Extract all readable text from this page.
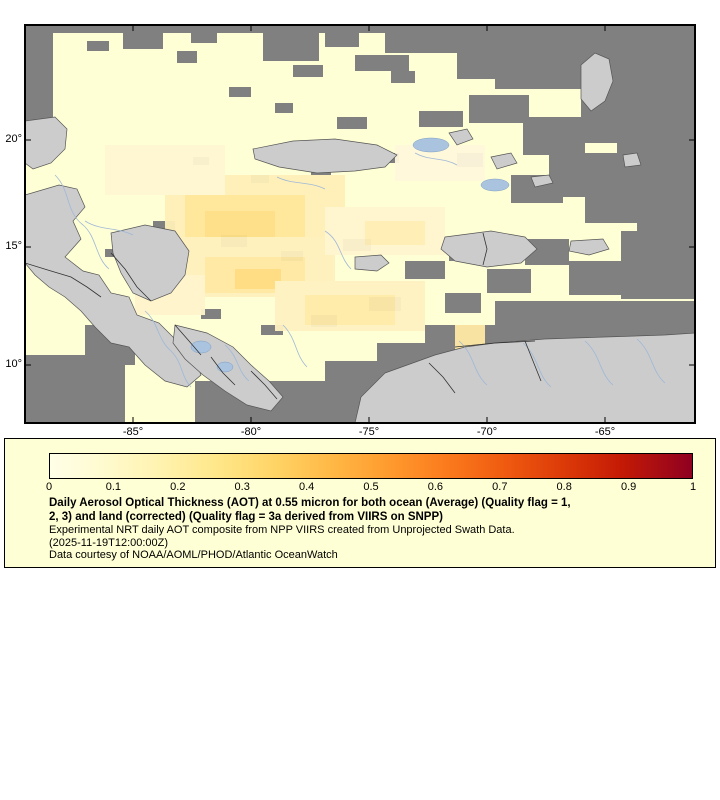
20°
15°
10°
-85°	-80°	-75°	-70°	-65°
0	0.1	0.2	0.3	0.4	0.5	0.6	0.7	0.8	0.9	1

Daily Aerosol Optical Thickness (AOT) at 0.55 micron for both ocean (Average) (Quality flag = 1,

2, 3) and land (corrected) (Quality flag = 3a derived from VIIRS on SNPP)

Experimental NRT daily AOT composite from NPP VIIRS created from Unprojected Swath Data.

(2025-11-19T12:00:00Z)

Data courtesy of NOAA/AOML/PHOD/Atlantic OceanWatch
